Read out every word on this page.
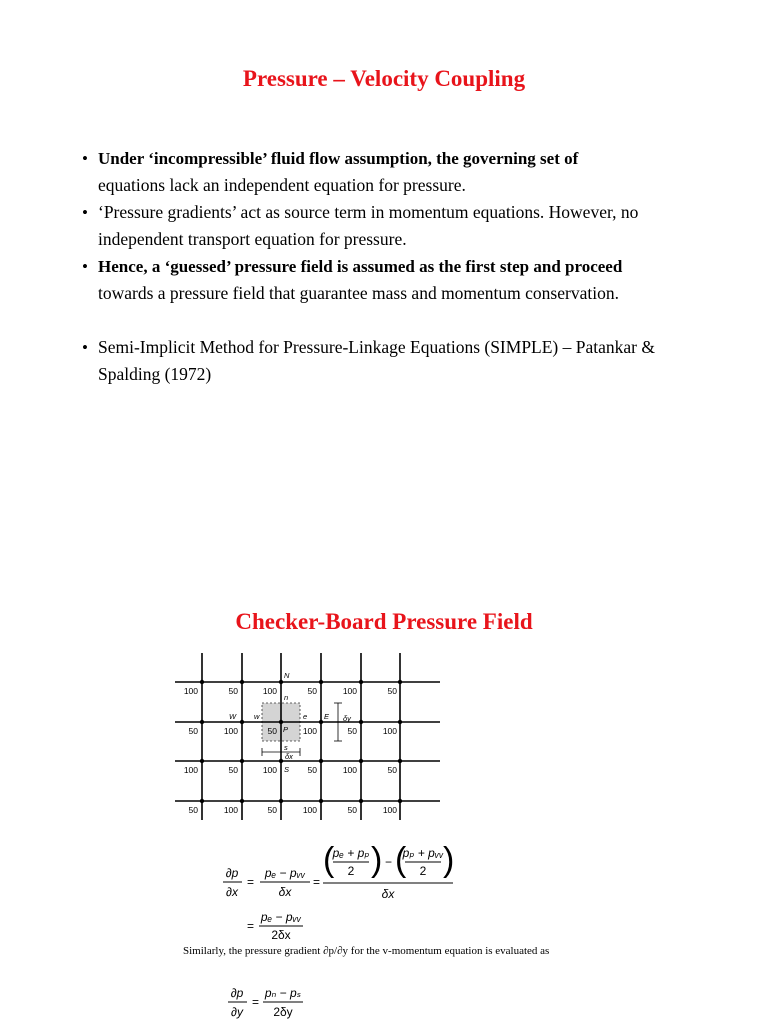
Pressure – Velocity Coupling
• Under ‘incompressible’ fluid flow assumption, the governing set of
equations lack an independent equation for pressure.
• ‘Pressure gradients’ act as source term in momentum equations. However, no independent transport equation for pressure.
• Hence, a ‘guessed’ pressure field is assumed as the first step and proceed
towards a pressure field that guarantee mass and momentum conservation.
• Semi-Implicit Method for Pressure-Linkage Equations (SIMPLE) – Patankar & Spalding (1972)
Checker-Board Pressure Field
100	50	100	50	100	50
50	100	50	100	50	100
100	50	100	50	100	50
50	100	50	100	50	100
N
n
W w
P
e E
s
S
δx
δy
∂p
∂x
=
pₑ − pᵥᵥ
δx
=
(
pₑ + pₚ
2 ) − (
pₚ + pᵥᵥ
2 )
δx
=
pₑ − pᵥᵥ
2δx
Similarly, the pressure gradient ∂p/∂y for the v-momentum equation is evaluated as
∂p
∂y
=
pₙ − pₛ
2δy
